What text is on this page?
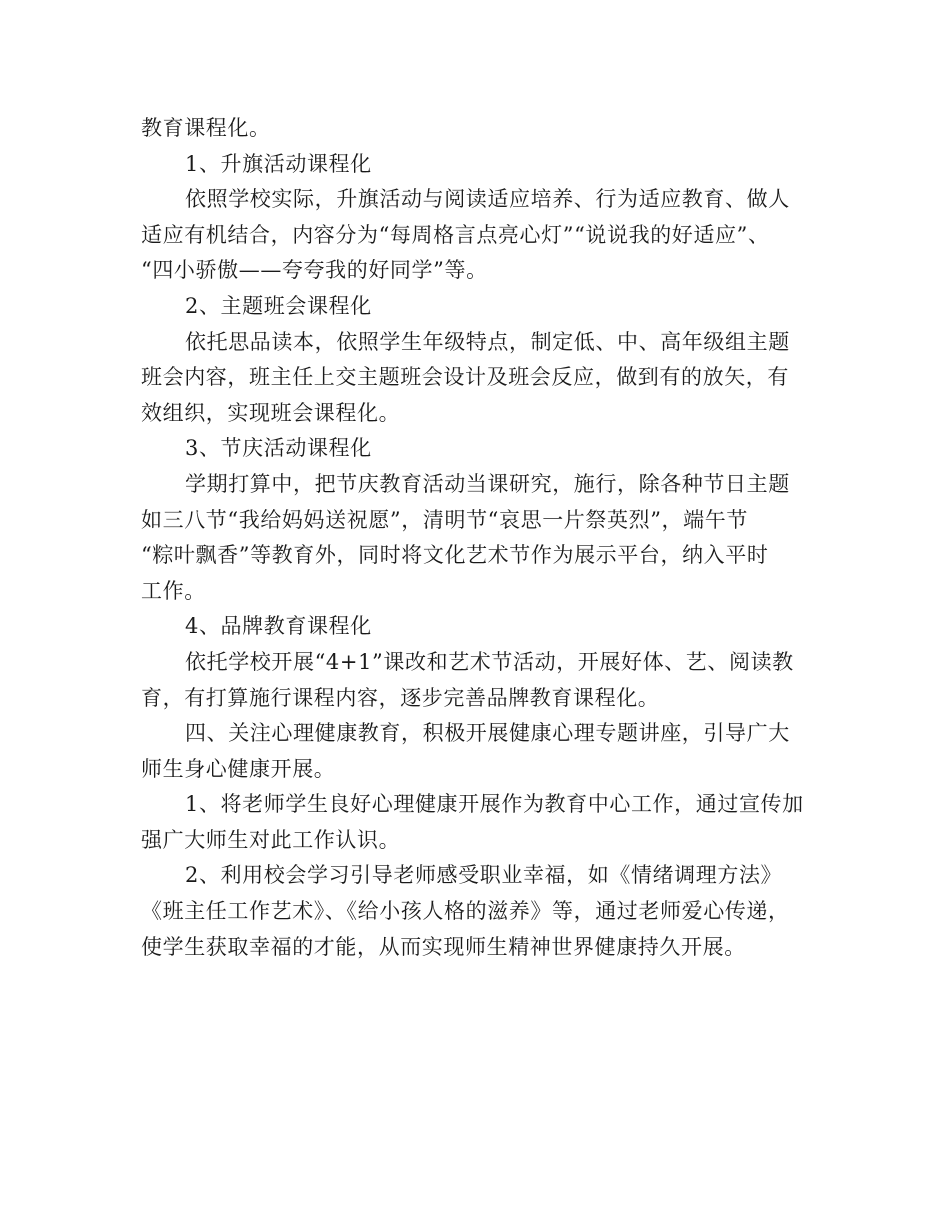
教育课程化。
1、升旗活动课程化
依照学校实际，升旗活动与阅读适应培养、行为适应教育、做人
适应有机结合，内容分为“每周格言点亮心灯”“说说我的好适应”、
“四小骄傲——夸夸我的好同学”等。
2、主题班会课程化
依托思品读本，依照学生年级特点，制定低、中、高年级组主题
班会内容，班主任上交主题班会设计及班会反应，做到有的放矢，有
效组织，实现班会课程化。
3、节庆活动课程化
学期打算中，把节庆教育活动当课研究，施行，除各种节日主题
如三八节“我给妈妈送祝愿”，清明节“哀思一片祭英烈”，端午节
“粽叶飘香”等教育外，同时将文化艺术节作为展示平台，纳入平时
工作。
4、品牌教育课程化
依托学校开展“4+1”课改和艺术节活动，开展好体、艺、阅读教
育，有打算施行课程内容，逐步完善品牌教育课程化。
四、关注心理健康教育，积极开展健康心理专题讲座，引导广大
师生身心健康开展。
1、将老师学生良好心理健康开展作为教育中心工作，通过宣传加
强广大师生对此工作认识。
2、利用校会学习引导老师感受职业幸福，如《情绪调理方法》
《班主任工作艺术》、《给小孩人格的滋养》等，通过老师爱心传递，
使学生获取幸福的才能，从而实现师生精神世界健康持久开展。
